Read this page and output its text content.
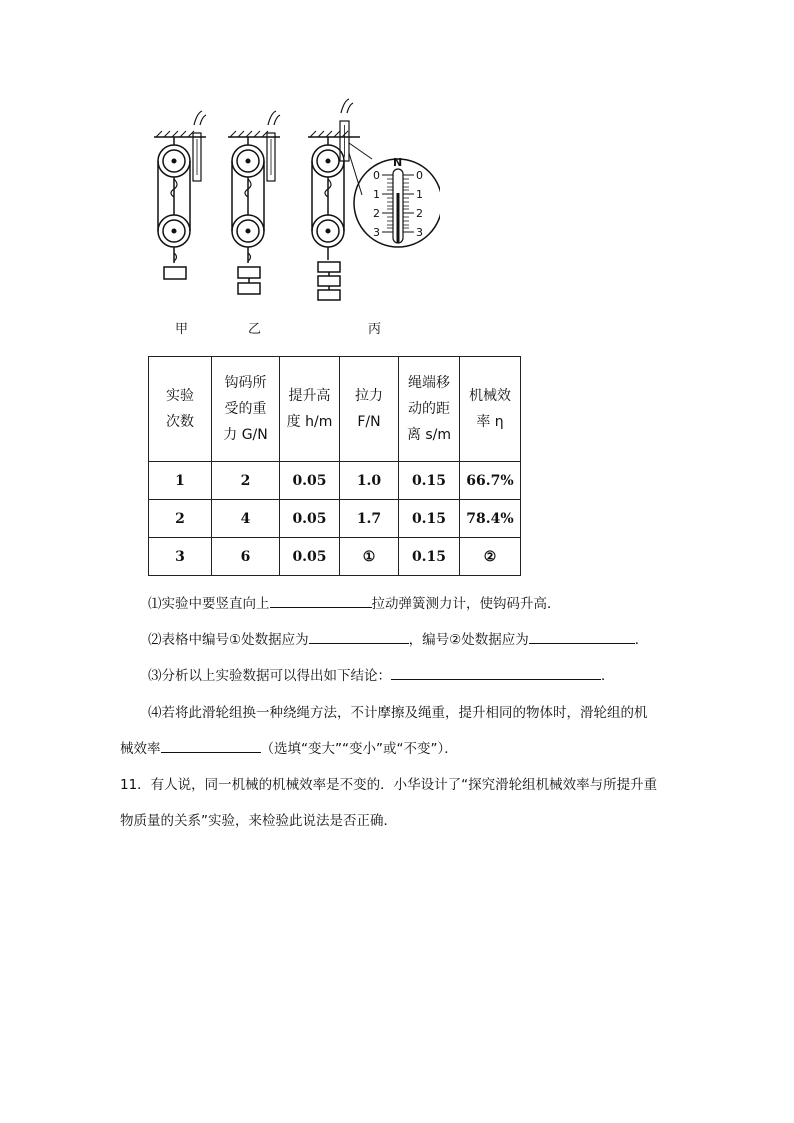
N
0
1
2
3
0
1
2
3
甲	乙	丙
实验
次数	钩码所
受的重
力 G/N	提升高
度 h/m	拉力
F/N	绳端移
动的距
离 s/m	机械效
率 η

1	2	0.05	1.0	0.15	66.7%
2	4	0.05	1.7	0.15	78.4%
3	6	0.05	①	0.15	②
⑴实验中要竖直向上	拉动弹簧测力计，使钩码升高．
⑵表格中编号①处数据应为	，编号②处数据应为	．
⑶分析以上实验数据可以得出如下结论：	．
⑷若将此滑轮组换一种绕绳方法，不计摩擦及绳重，提升相同的物体时，滑轮组的机
械效率	（选填“变大”“变小”或“不变”）．
11．有人说，同一机械的机械效率是不变的．小华设计了“探究滑轮组机械效率与所提升重
物质量的关系”实验，来检验此说法是否正确．
